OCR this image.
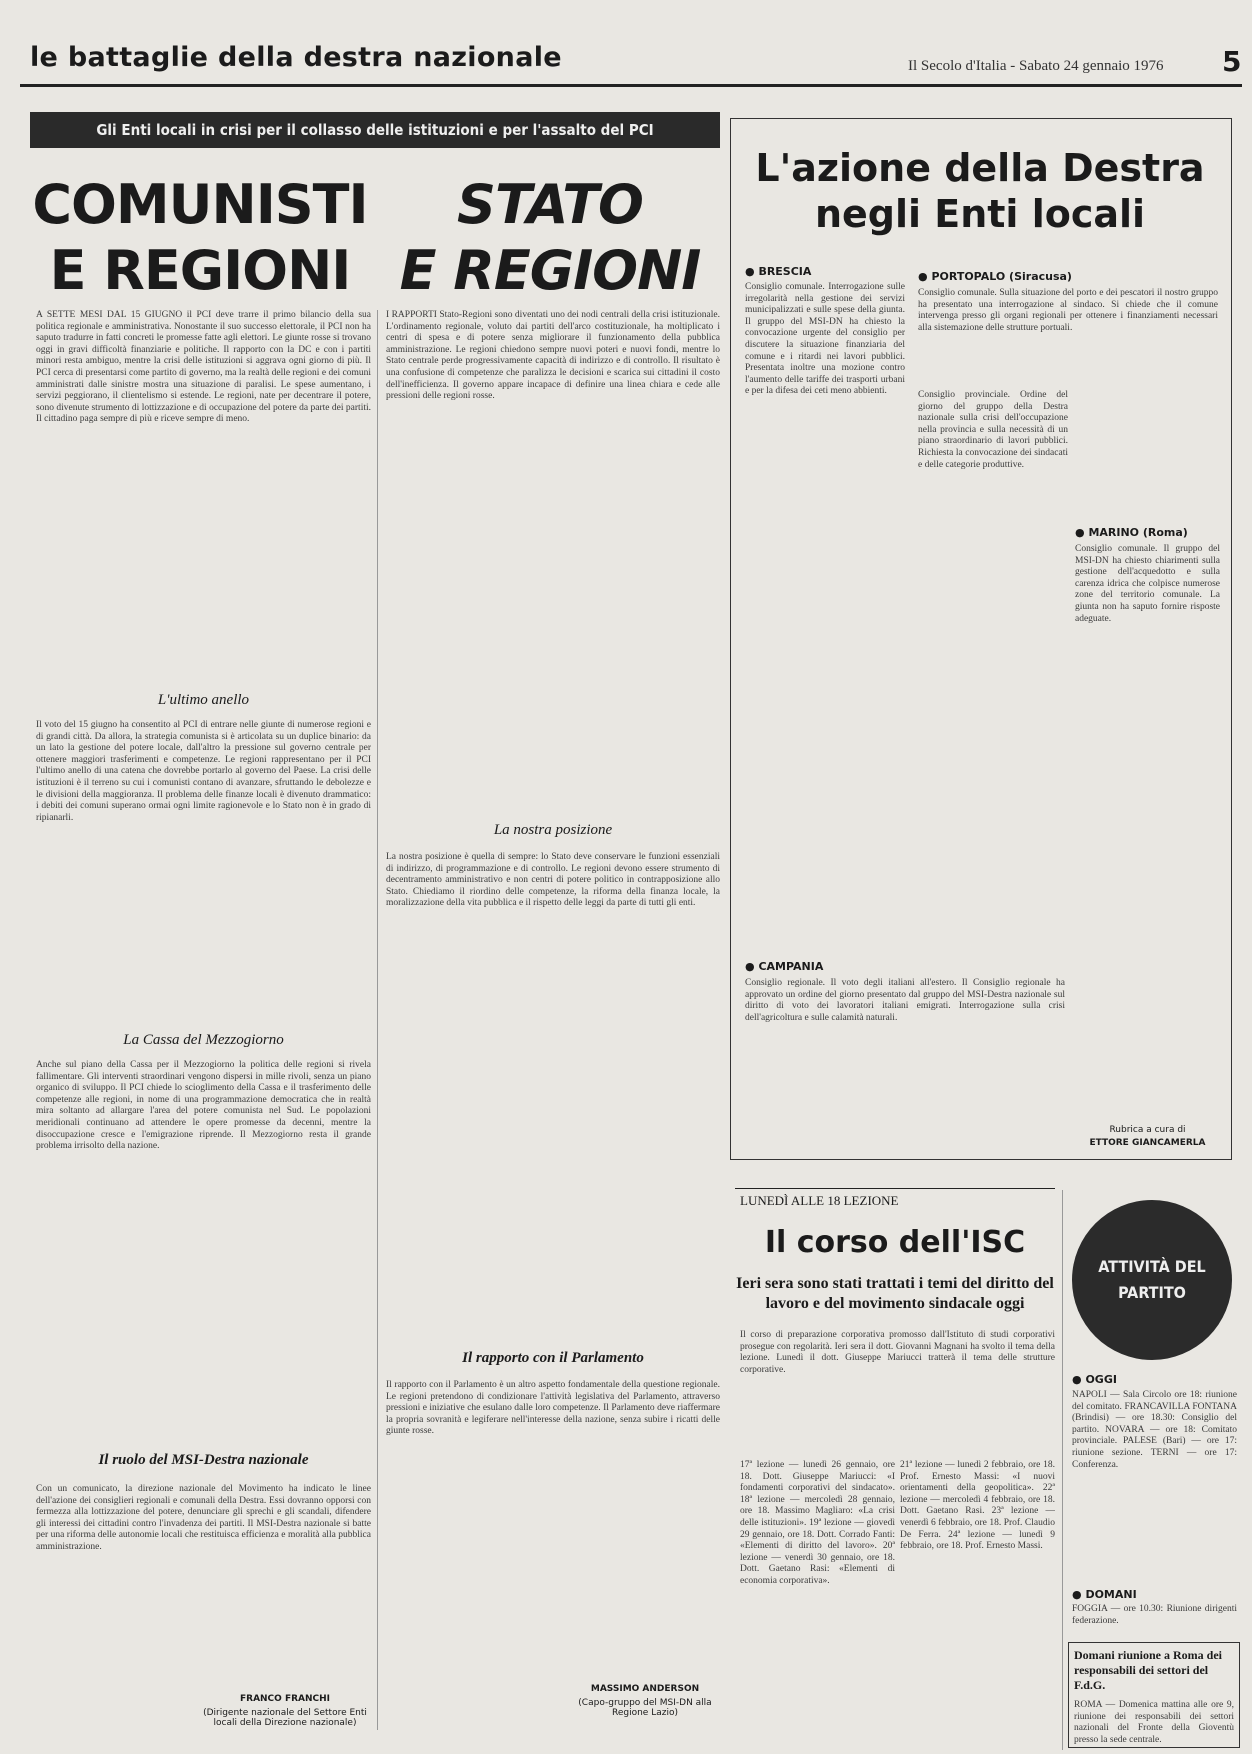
le battaglie della destra nazionale	Il Secolo d'Italia - Sabato 24 gennaio 1976 5
Gli Enti locali in crisi per il collasso delle istituzioni e per l'assalto del PCI
COMUNISTI
E REGIONI
STATO
E REGIONI
A SETTE MESI DAL 15 GIUGNO il PCI deve trarre il primo bilancio della sua politica regionale e amministrativa. Nonostante il suo successo elettorale, il PCI non ha saputo tradurre in fatti concreti le promesse fatte agli elettori. Le giunte rosse si trovano oggi in gravi difficoltà finanziarie e politiche. Il rapporto con la DC e con i partiti minori resta ambiguo, mentre la crisi delle istituzioni si aggrava ogni giorno di più. Il PCI cerca di presentarsi come partito di governo, ma la realtà delle regioni e dei comuni amministrati dalle sinistre mostra una situazione di paralisi. Le spese aumentano, i servizi peggiorano, il clientelismo si estende. Le regioni, nate per decentrare il potere, sono divenute strumento di lottizzazione e di occupazione del potere da parte dei partiti. Il cittadino paga sempre di più e riceve sempre di meno.
L'ultimo anello
Il voto del 15 giugno ha consentito al PCI di entrare nelle giunte di numerose regioni e di grandi città. Da allora, la strategia comunista si è articolata su un duplice binario: da un lato la gestione del potere locale, dall'altro la pressione sul governo centrale per ottenere maggiori trasferimenti e competenze. Le regioni rappresentano per il PCI l'ultimo anello di una catena che dovrebbe portarlo al governo del Paese. La crisi delle istituzioni è il terreno su cui i comunisti contano di avanzare, sfruttando le debolezze e le divisioni della maggioranza. Il problema delle finanze locali è divenuto drammatico: i debiti dei comuni superano ormai ogni limite ragionevole e lo Stato non è in grado di ripianarli.
La Cassa del Mezzogiorno
Anche sul piano della Cassa per il Mezzogiorno la politica delle regioni si rivela fallimentare. Gli interventi straordinari vengono dispersi in mille rivoli, senza un piano organico di sviluppo. Il PCI chiede lo scioglimento della Cassa e il trasferimento delle competenze alle regioni, in nome di una programmazione democratica che in realtà mira soltanto ad allargare l'area del potere comunista nel Sud. Le popolazioni meridionali continuano ad attendere le opere promesse da decenni, mentre la disoccupazione cresce e l'emigrazione riprende. Il Mezzogiorno resta il grande problema irrisolto della nazione.
Il ruolo del MSI-Destra nazionale
Con un comunicato, la direzione nazionale del Movimento ha indicato le linee dell'azione dei consiglieri regionali e comunali della Destra. Essi dovranno opporsi con fermezza alla lottizzazione del potere, denunciare gli sprechi e gli scandali, difendere gli interessi dei cittadini contro l'invadenza dei partiti. Il MSI-Destra nazionale si batte per una riforma delle autonomie locali che restituisca efficienza e moralità alla pubblica amministrazione.
FRANCO FRANCHI
(Dirigente nazionale del Settore Enti locali della Direzione nazionale)
I RAPPORTI Stato-Regioni sono diventati uno dei nodi centrali della crisi istituzionale. L'ordinamento regionale, voluto dai partiti dell'arco costituzionale, ha moltiplicato i centri di spesa e di potere senza migliorare il funzionamento della pubblica amministrazione. Le regioni chiedono sempre nuovi poteri e nuovi fondi, mentre lo Stato centrale perde progressivamente capacità di indirizzo e di controllo. Il risultato è una confusione di competenze che paralizza le decisioni e scarica sui cittadini il costo dell'inefficienza. Il governo appare incapace di definire una linea chiara e cede alle pressioni delle regioni rosse.
La nostra posizione
La nostra posizione è quella di sempre: lo Stato deve conservare le funzioni essenziali di indirizzo, di programmazione e di controllo. Le regioni devono essere strumento di decentramento amministrativo e non centri di potere politico in contrapposizione allo Stato. Chiediamo il riordino delle competenze, la riforma della finanza locale, la moralizzazione della vita pubblica e il rispetto delle leggi da parte di tutti gli enti.
Il rapporto con il Parlamento
Il rapporto con il Parlamento è un altro aspetto fondamentale della questione regionale. Le regioni pretendono di condizionare l'attività legislativa del Parlamento, attraverso pressioni e iniziative che esulano dalle loro competenze. Il Parlamento deve riaffermare la propria sovranità e legiferare nell'interesse della nazione, senza subire i ricatti delle giunte rosse.
MASSIMO ANDERSON
(Capo-gruppo del MSI-DN alla Regione Lazio)
L'azione della Destra
negli Enti locali
● BRESCIA
Consiglio comunale. Interrogazione sulle irregolarità nella gestione dei servizi municipalizzati e sulle spese della giunta. Il gruppo del MSI-DN ha chiesto la convocazione urgente del consiglio per discutere la situazione finanziaria del comune e i ritardi nei lavori pubblici. Presentata inoltre una mozione contro l'aumento delle tariffe dei trasporti urbani e per la difesa dei ceti meno abbienti.
● PORTOPALO (Siracusa)
Consiglio comunale. Sulla situazione del porto e dei pescatori il nostro gruppo ha presentato una interrogazione al sindaco. Si chiede che il comune intervenga presso gli organi regionali per ottenere i finanziamenti necessari alla sistemazione delle strutture portuali.
Consiglio provinciale. Ordine del giorno del gruppo della Destra nazionale sulla crisi dell'occupazione nella provincia e sulla necessità di un piano straordinario di lavori pubblici. Richiesta la convocazione dei sindacati e delle categorie produttive.
● MARINO (Roma)
Consiglio comunale. Il gruppo del MSI-DN ha chiesto chiarimenti sulla gestione dell'acquedotto e sulla carenza idrica che colpisce numerose zone del territorio comunale. La giunta non ha saputo fornire risposte adeguate.
● CAMPANIA
Consiglio regionale. Il voto degli italiani all'estero. Il Consiglio regionale ha approvato un ordine del giorno presentato dal gruppo del MSI-Destra nazionale sul diritto di voto dei lavoratori italiani emigrati. Interrogazione sulla crisi dell'agricoltura e sulle calamità naturali.
Rubrica a cura di
ETTORE GIANCAMERLA
LUNEDÌ ALLE 18 LEZIONE
Il corso dell'ISC
Ieri sera sono stati trattati i temi del diritto del lavoro e del movimento sindacale oggi
Il corso di preparazione corporativa promosso dall'Istituto di studi corporativi prosegue con regolarità. Ieri sera il dott. Giovanni Magnani ha svolto il tema della lezione. Lunedì il dott. Giuseppe Mariucci tratterà il tema delle strutture corporative.
17ª lezione — lunedì 26 gennaio, ore 18. Dott. Giuseppe Mariucci: «I fondamenti corporativi del sindacato». 18ª lezione — mercoledì 28 gennaio, ore 18. Massimo Magliaro: «La crisi delle istituzioni». 19ª lezione — giovedì 29 gennaio, ore 18. Dott. Corrado Fanti: «Elementi di diritto del lavoro». 20ª lezione — venerdì 30 gennaio, ore 18. Dott. Gaetano Rasi: «Elementi di economia corporativa».
21ª lezione — lunedì 2 febbraio, ore 18. Prof. Ernesto Massi: «I nuovi orientamenti della geopolitica». 22ª lezione — mercoledì 4 febbraio, ore 18. Dott. Gaetano Rasi. 23ª lezione — venerdì 6 febbraio, ore 18. Prof. Claudio De Ferra. 24ª lezione — lunedì 9 febbraio, ore 18. Prof. Ernesto Massi.
ATTIVITÀ DEL PARTITO
● OGGI
NAPOLI — Sala Circolo ore 18: riunione del comitato. FRANCAVILLA FONTANA (Brindisi) — ore 18.30: Consiglio del partito. NOVARA — ore 18: Comitato provinciale. PALESE (Bari) — ore 17: riunione sezione. TERNI — ore 17: Conferenza.
● DOMANI
FOGGIA — ore 10.30: Riunione dirigenti federazione.
Domani riunione a Roma dei responsabili dei settori del F.d.G.
ROMA — Domenica mattina alle ore 9, riunione dei responsabili dei settori nazionali del Fronte della Gioventù presso la sede centrale.
